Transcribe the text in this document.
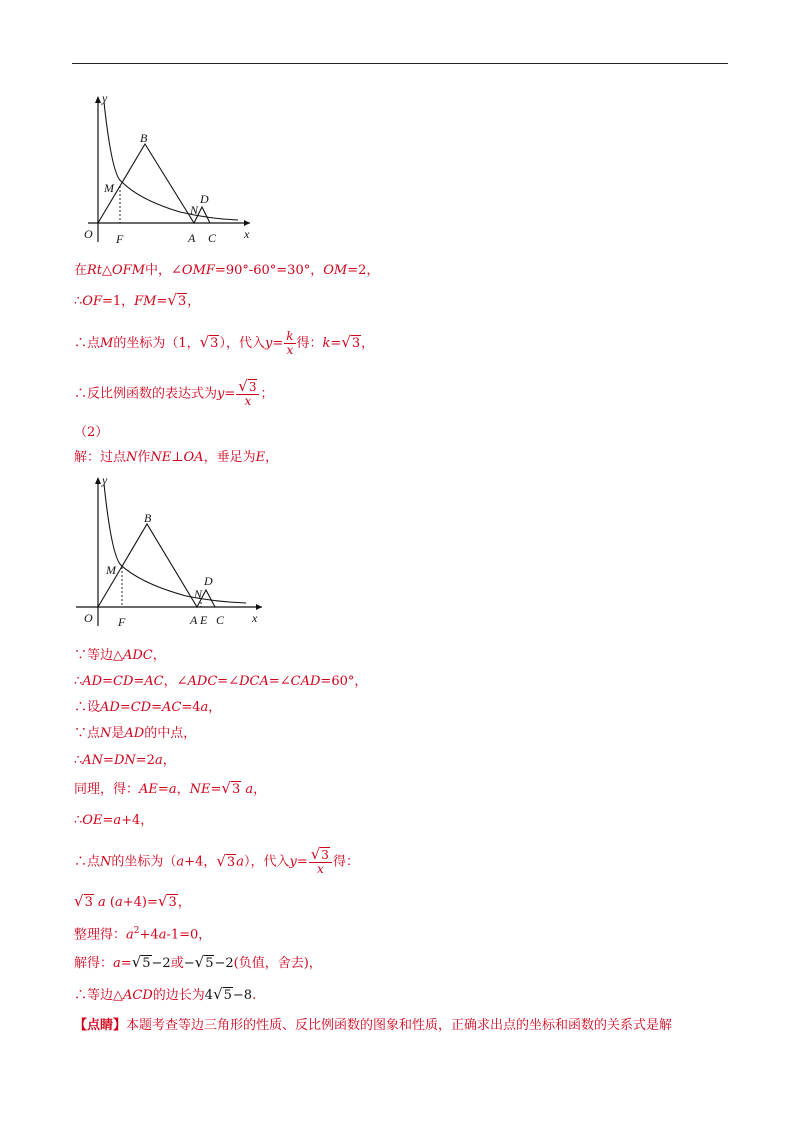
y
x
O F	A C
M
B
N
D
在Rt△OFM中，∠OMF=90°-60°=30°，OM=2，
∴OF=1，FM=√3，
∴点M的坐标为（1，√3），代入$y= \frac{k}{x}$ 得：k=√3，
∴反比例函数的表达式为$y= \frac{√3}{x}$ ；
（2）
解：过点N作NE⊥OA，垂足为E，
y
x
O F	A E C
M
B
N
D
∵等边△ADC，
∴AD=CD=AC，∠ADC=∠DCA=∠CAD=60°，
∴设AD=CD=AC=4a，
∵点N是AD的中点，
∴AN=DN=2a，
同理，得：AE=a，NE=√3 a，
∴OE=a+4，
∴点N的坐标为（a+4，√3a），代入$y= \frac{√3}{x}$ 得：
√3 a (a+4)=√3，
整理得：$a^2+4a-1=0$，
解得：a=√5−2或−√5−2(负值，舍去)，
∴等边△ACD的边长为4√5−8.
【点睛】本题考查等边三角形的性质、反比例函数的图象和性质，正确求出点的坐标和函数的关系式是解
